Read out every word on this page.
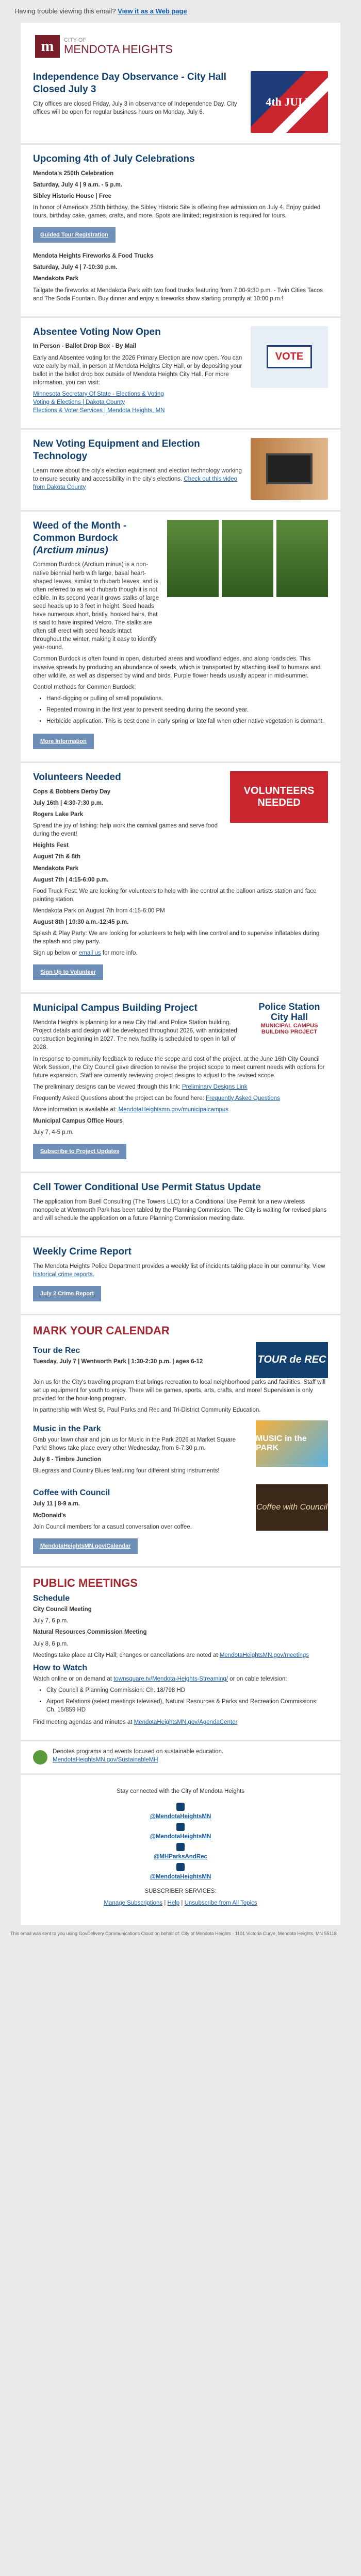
Having trouble viewing this email? View it as a Web page
m	CITY OF
MENDOTA HEIGHTS
Independence Day Observance - City Hall Closed July 3

City offices are closed Friday, July 3 in observance of Independence Day. City offices will be open for regular business hours on Monday, July 6.

4th JULY
Upcoming 4th of July Celebrations

Mendota's 250th Celebration

Saturday, July 4 | 9 a.m. - 5 p.m.

Sibley Historic House | Free

In honor of America's 250th birthday, the Sibley Historic Site is offering free admission on July 4. Enjoy guided tours, birthday cake, games, crafts, and more. Spots are limited; registration is required for tours.

Guided Tour Registration

Mendota Heights Fireworks & Food Trucks

Saturday, July 4 | 7-10:30 p.m.

Mendakota Park

Tailgate the fireworks at Mendakota Park with two food trucks featuring from 7:00-9:30 p.m. - Twin Cities Tacos and The Soda Fountain. Buy dinner and enjoy a fireworks show starting promptly at 10:00 p.m.!

Absentee Voting Now Open

In Person - Ballot Drop Box - By Mail

Early and Absentee voting for the 2026 Primary Election are now open. You can vote early by mail, in person at Mendota Heights City Hall, or by depositing your ballot in the ballot drop box outside of Mendota Heights City Hall. For more information, you can visit:

VOTE

Minnesota Secretary Of State - Elections & Voting
Voting & Elections | Dakota County
Elections & Voter Services | Mendota Heights, MN

New Voting Equipment and Election Technology

Learn more about the city's election equipment and election technology working to ensure security and accessibility in the city's elections. Check out this video from Dakota County

Weed of the Month - Common Burdock
(Arctium minus)

Common Burdock (Arctium minus) is a non-native biennial herb with large, basal heart-shaped leaves, similar to rhubarb leaves, and is often referred to as wild rhubarb though it is not edible. In its second year it grows stalks of large seed heads up to 3 feet in height. Seed heads have numerous short, bristly, hooked hairs, that is said to have inspired Velcro. The stalks are often still erect with seed heads intact throughout the winter, making it easy to identify year-round.

Common Burdock is often found in open, disturbed areas and woodland edges, and along roadsides. This invasive spreads by producing an abundance of seeds, which is transported by attaching itself to humans and other wildlife, as well as dispersed by wind and birds. Purple flower heads usually appear in mid-summer.

Control methods for Common Burdock:

• Hand-digging or pulling of small populations.
• Repeated mowing in the first year to prevent seeding during the second year.
• Herbicide application. This is best done in early spring or late fall when other native vegetation is dormant.
More Information
Volunteers Needed

Cops & Bobbers Derby Day

July 16th | 4:30-7:30 p.m.

Rogers Lake Park

Spread the joy of fishing: help work the carnival games and serve food during the event!

VOLUNTEERS NEEDED

Heights Fest

August 7th & 8th

Mendakota Park

August 7th | 4:15-6:00 p.m.

Food Truck Fest: We are looking for volunteers to help with line control at the balloon artists station and face painting station.

Mendakota Park on August 7th from 4:15-6:00 PM

August 8th | 10:30 a.m.-12:45 p.m.

Splash & Play Party: We are looking for volunteers to help with line control and to supervise inflatables during the splash and play party.

Sign up below or email us for more info.

Sign Up to Volunteer
Municipal Campus Building Project

Mendota Heights is planning for a new City Hall and Police Station building. Project details and design will be developed throughout 2026, with anticipated construction beginning in 2027. The new facility is scheduled to open in fall of 2028.

Police Station City Hall
MUNICIPAL CAMPUS BUILDING PROJECT

In response to community feedback to reduce the scope and cost of the project, at the June 16th City Council Work Session, the City Council gave direction to revise the project scope to meet current needs with options for future expansion. Staff are currently reviewing project designs to adjust to the revised scope.

The preliminary designs can be viewed through this link: Preliminary Designs Link

Frequently Asked Questions about the project can be found here: Frequently Asked Questions

More information is available at: MendotaHeightsmn.gov/municipalcampus

Municipal Campus Office Hours

July 7, 4-5 p.m.

Subscribe to Project Updates
Cell Tower Conditional Use Permit Status Update

The application from Buell Consulting (The Towers LLC) for a Conditional Use Permit for a new wireless monopole at Wentworth Park has been tabled by the Planning Commission. The City is waiting for revised plans and will schedule the application on a future Planning Commission meeting date.

Weekly Crime Report

The Mendota Heights Police Department provides a weekly list of incidents taking place in our community. View historical crime reports.

July 2 Crime Report
MARK YOUR CALENDAR
Tour de Rec

Tuesday, July 7 | Wentworth Park | 1:30-2:30 p.m. | ages 6-12	TOUR de REC

Join us for the City's traveling program that brings recreation to local neighborhood parks and facilities. Staff will set up equipment for youth to enjoy. There will be games, sports, arts, crafts, and more! Supervision is only provided for the hour-long program.

In partnership with West St. Paul Parks and Rec and Tri-District Community Education.

Music in the Park

Grab your lawn chair and join us for Music in the Park 2026 at Market Square Park! Shows take place every other Wednesday, from 6-7:30 p.m.

July 8 - Timbre Junction

Bluegrass and Country Blues featuring four different string instruments!

MUSIC in the PARK
Coffee with Council

July 11 | 8-9 a.m.

McDonald's

Join Council members for a casual conversation over coffee.

Coffee with Council
MendotaHeightsMN.gov/Calendar
PUBLIC MEETINGS
Schedule

City Council Meeting

July 7, 6 p.m.

Natural Resources Commission Meeting

July 8, 6 p.m.

Meetings take place at City Hall; changes or cancellations are noted at MendotaHeightsMN.gov/meetings

How to Watch

Watch online or on demand at townsquare.tv/Mendota-Heights-Streaming/ or on cable television:

• City Council & Planning Commission: Ch. 18/798 HD
• Airport Relations (select meetings televised), Natural Resources & Parks and Recreation Commissions: Ch. 15/859 HD

Find meeting agendas and minutes at MendotaHeightsMN.gov/AgendaCenter

Denotes programs and events focused on sustainable education. MendotaHeightsMN.gov/SustainableMH

Stay connected with the City of Mendota Heights

@MendotaHeightsMN
@MendotaHeightsMN
@MHParksAndRec
@MendotaHeightsMN

SUBSCRIBER SERVICES:

Manage Subscriptions | Help | Unsubscribe from All Topics

This email was sent to you using GovDelivery Communications Cloud on behalf of: City of Mendota Heights · 1101 Victoria Curve, Mendota Heights, MN 55118
